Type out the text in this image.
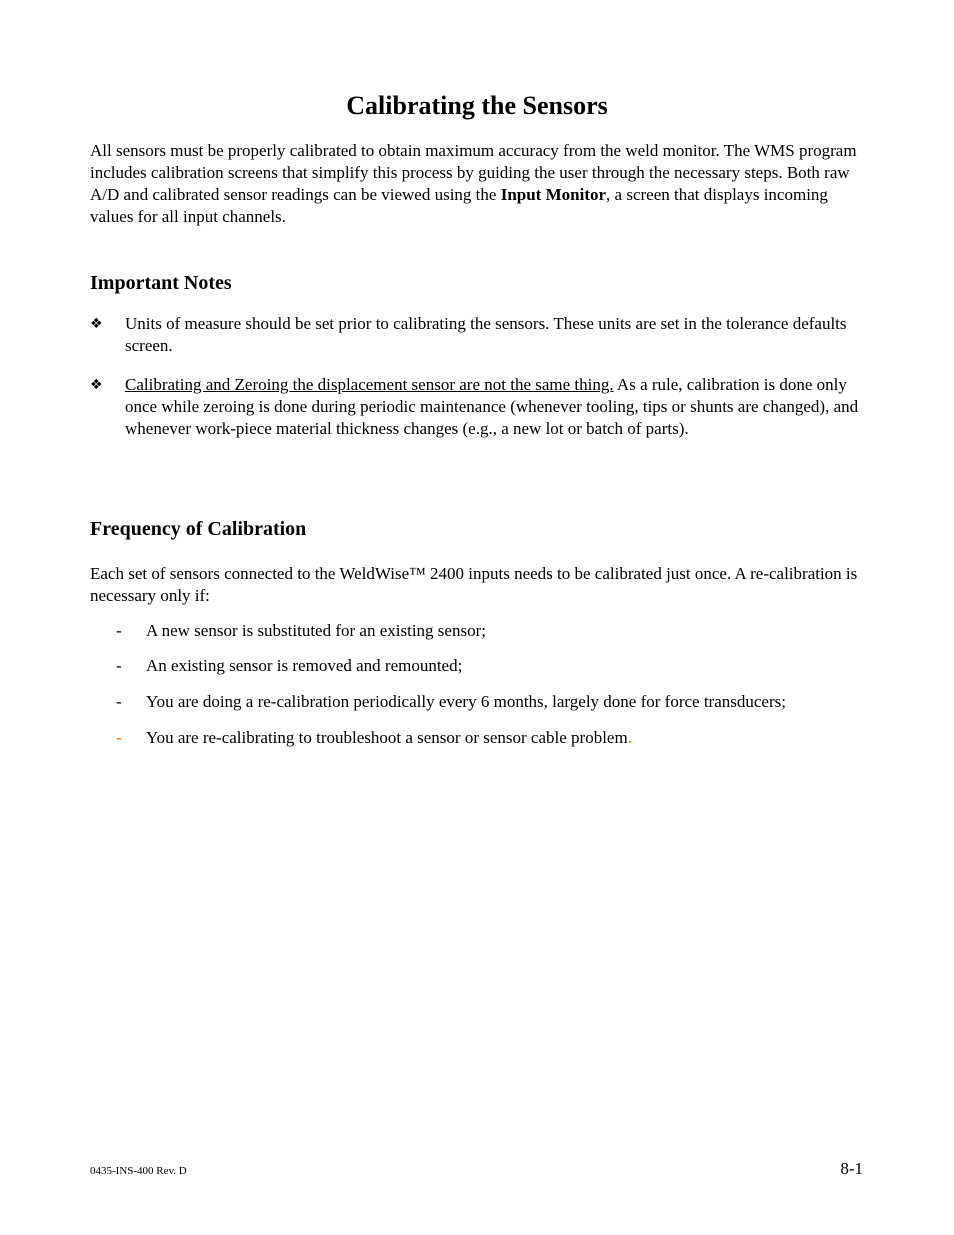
Calibrating the Sensors

All sensors must be properly calibrated to obtain maximum accuracy from the weld monitor. The WMS program includes calibration screens that simplify this process by guiding the user through the necessary steps. Both raw A/D and calibrated sensor readings can be viewed using the Input Monitor, a screen that displays incoming values for all input channels.

Important Notes
❖	Units of measure should be set prior to calibrating the sensors. These units are set in the tolerance defaults screen.
❖	Calibrating and Zeroing the displacement sensor are not the same thing. As a rule, calibration is done only once while zeroing is done during periodic maintenance (whenever tooling, tips or shunts are changed), and whenever work-piece material thickness changes (e.g., a new lot or batch of parts).
Frequency of Calibration

Each set of sensors connected to the WeldWise™ 2400 inputs needs to be calibrated just once. A re-calibration is necessary only if:

-	A new sensor is substituted for an existing sensor;
-	An existing sensor is removed and remounted;
-	You are doing a re-calibration periodically every 6 months, largely done for force transducers;
-	You are re-calibrating to troubleshoot a sensor or sensor cable problem.
0435-INS-400 Rev. D	8-1
